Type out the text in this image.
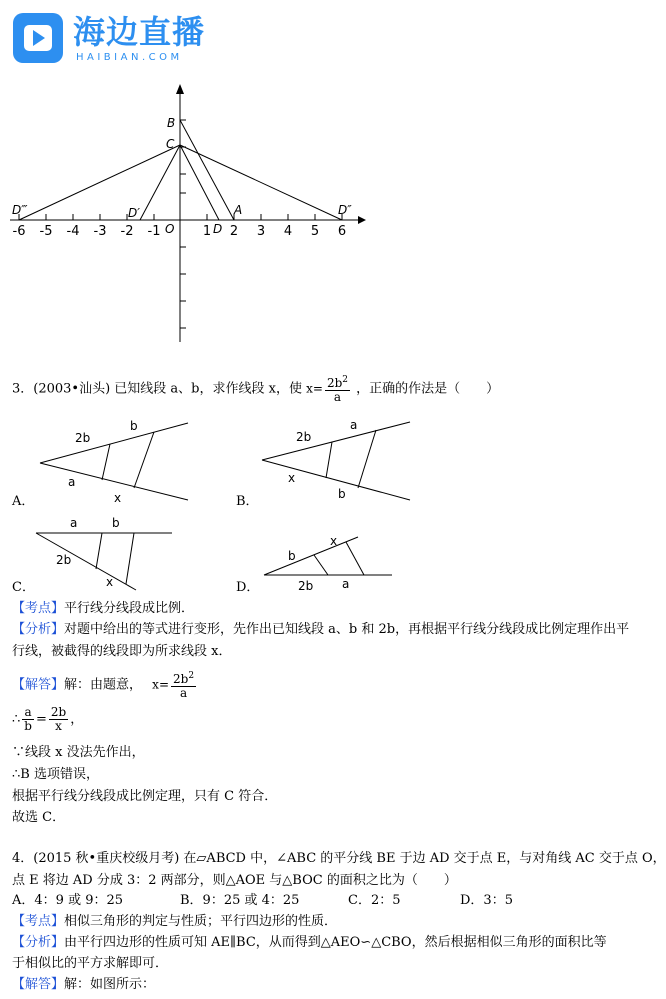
海边直播
HAIBIAN.COM
-6 -5 -4 -3 -2 -1	1 2 3 4 5 6
B
C
A
D
O
D′	D″
D‴
3．(2003•汕头) 已知线段 a、b，求作线段 x，使 $x= \frac{2b^2}{a}$ ，正确的作法是（　　）
2b
b
a
x
A．
2b
a
x
b
B．
a	b
2b
x
C．
b
x
2b a
D．
【考点】平行线分线段成比例．
【分析】对题中给出的等式进行变形，先作出已知线段 a、b 和 2b，再根据平行线分线段成比例定理作出平
行线，被截得的线段即为所求线段 x．
【解答】解：由题意， $x= \frac{2b^2}{a}$
∴ $\frac{a}{b} = \frac{2b}{x}$ ，
∵线段 x 没法先作出，
∴B 选项错误，
根据平行线分线段成比例定理，只有 C 符合．
故选 C．
4．(2015 秋•重庆校级月考) 在▱ABCD 中，∠ABC 的平分线 BE 于边 AD 交于点 E，与对角线 AC 交于点 O，
点 E 将边 AD 分成 3：2 两部分，则△AOE 与△BOC 的面积之比为（　　）
A．4：9 或 9：25	B．9：25 或 4：25	C．2：5	D．3：5
【考点】相似三角形的判定与性质；平行四边形的性质．
【分析】由平行四边形的性质可知 AE∥BC，从而得到△AEO∽△CBO，然后根据相似三角形的面积比等
于相似比的平方求解即可．
【解答】解：如图所示：
